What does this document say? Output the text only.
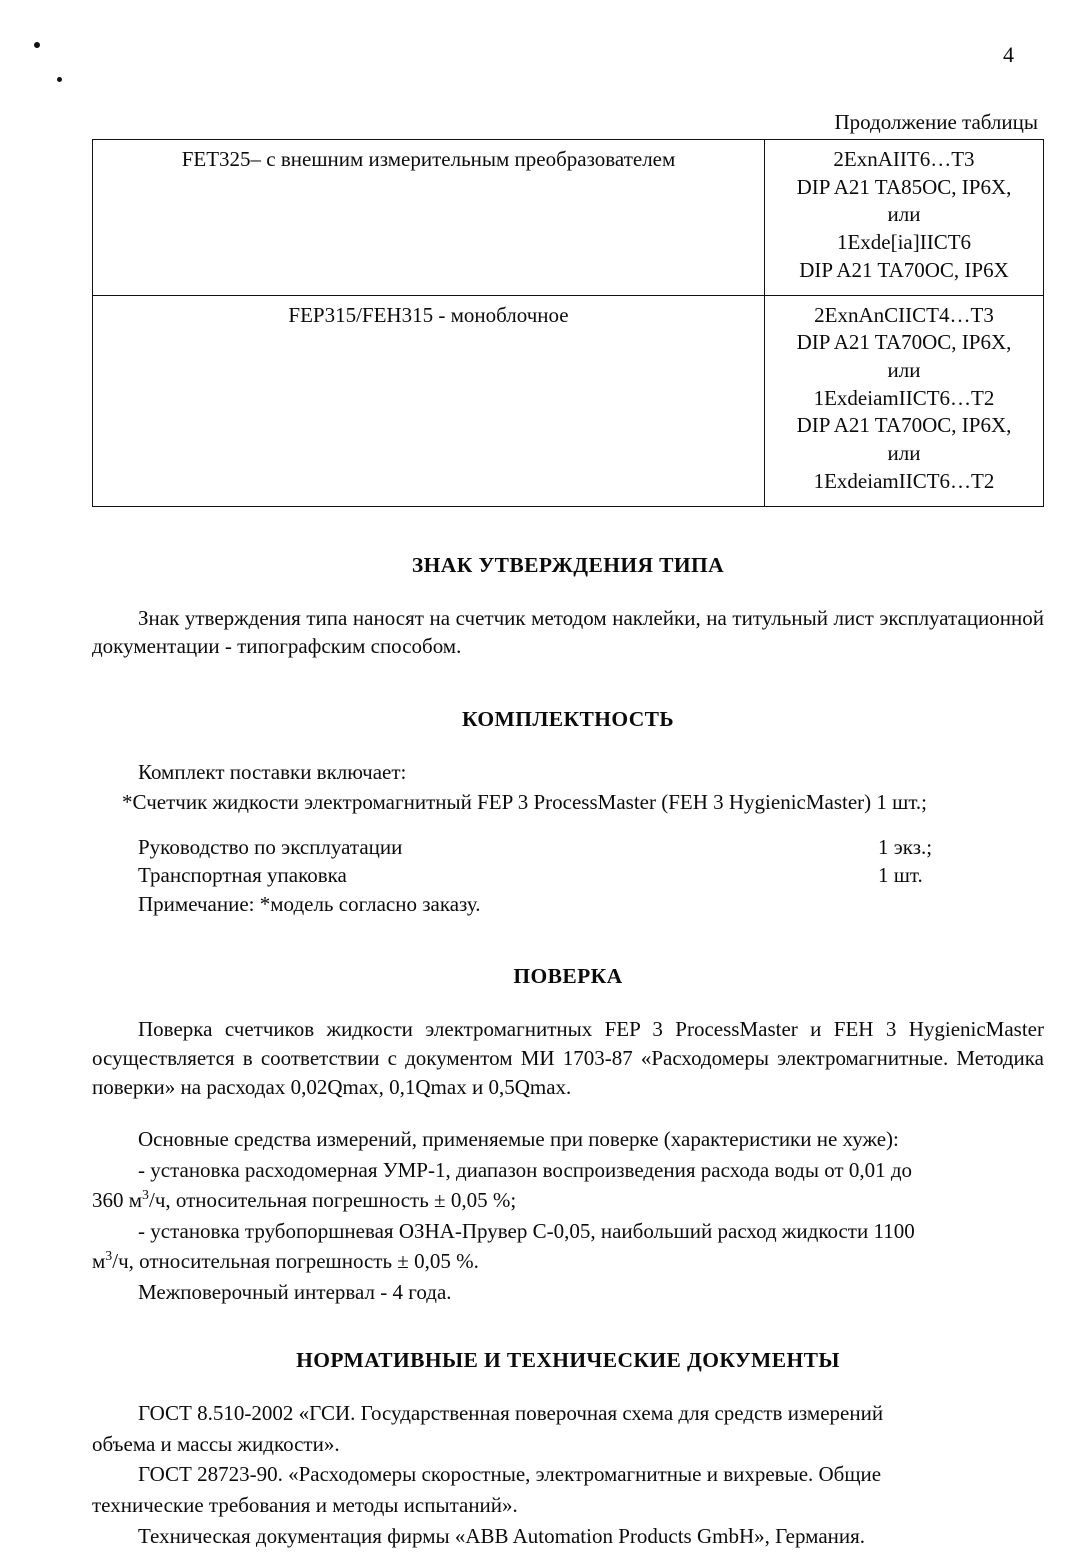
4
Продолжение таблицы
FET325– с внешним измерительным преобразователем	2ExnAIIT6…T3
DIP A21 TA85OC, IP6X,
или
1Exde[ia]IICT6
DIP A21 TA70OC, IP6X

FEP315/FEH315 - моноблочное	2ExnAnCIICT4…T3
DIP A21 TA70OC, IP6X,
или
1ExdeiamIICT6…T2
DIP A21 TA70OC, IP6X,
или
1ExdeiamIICT6…T2
ЗНАК УТВЕРЖДЕНИЯ ТИПА

Знак утверждения типа наносят на счетчик методом наклейки, на титульный лист эксплуатационной документации - типографским способом.

КОМПЛЕКТНОСТЬ

Комплект поставки включает:

*Счетчик жидкости электромагнитный FEP 3 ProcessMaster (FEH 3 HygienicMaster) 1 шт.;

Руководство по эксплуатации	1 экз.;
Транспортная упаковка	1 шт.

Примечание: *модель согласно заказу.

ПОВЕРКА

Поверка счетчиков жидкости электромагнитных FEP 3 ProcessMaster и FEH 3 HygienicMaster осуществляется в соответствии с документом МИ 1703-87 «Расходомеры электромагнитные. Методика поверки» на расходах 0,02Qmax, 0,1Qmax и 0,5Qmax.

Основные средства измерений, применяемые при поверке (характеристики не хуже):

- установка расходомерная УМР-1, диапазон воспроизведения расхода воды от 0,01 до

360 $м^3/ч$, относительная погрешность ± 0,05 %;

- установка трубопоршневая ОЗНА-Прувер С-0,05, наибольший расход жидкости 1100

$м^3/ч$, относительная погрешность ± 0,05 %.

Межповерочный интервал - 4 года.

НОРМАТИВНЫЕ И ТЕХНИЧЕСКИЕ ДОКУМЕНТЫ

ГОСТ 8.510-2002 «ГСИ. Государственная поверочная схема для средств измерений

объема и массы жидкости».

ГОСТ 28723-90. «Расходомеры скоростные, электромагнитные и вихревые. Общие

технические требования и методы испытаний».

Техническая документация фирмы «ABB Automation Products GmbH», Германия.
